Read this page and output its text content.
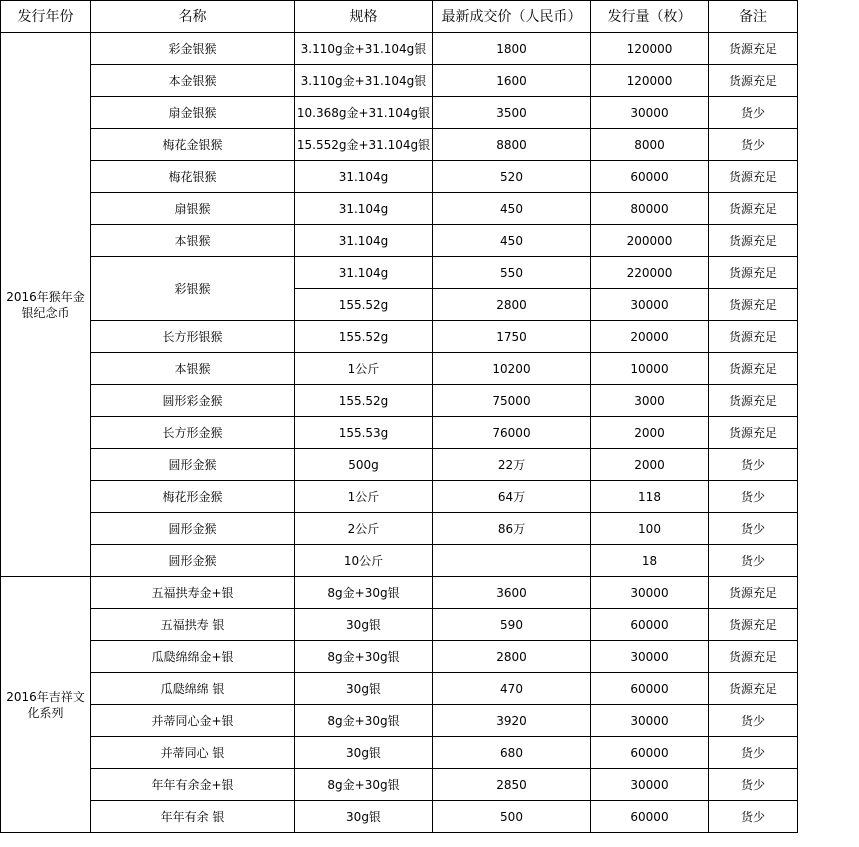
发行年份	名称	规格	最新成交价（人民币）	发行量（枚）	备注
2016年猴年金银纪念币	彩金银猴	3.110g金+31.104g银	1800	120000	货源充足
	本金银猴	3.110g金+31.104g银	1600	120000	货源充足
	扇金银猴	10.368g金+31.104g银	3500	30000	货少
	梅花金银猴	15.552g金+31.104g银	8800	8000	货少
	梅花银猴	31.104g	520	60000	货源充足
	扇银猴	31.104g	450	80000	货源充足
	本银猴	31.104g	450	200000	货源充足
	彩银猴	31.104g	550	220000	货源充足
		155.52g	2800	30000	货源充足
	长方形银猴	155.52g	1750	20000	货源充足
	本银猴	1公斤	10200	10000	货源充足
	圆形彩金猴	155.52g	75000	3000	货源充足
	长方形金猴	155.53g	76000	2000	货源充足
	圆形金猴	500g	22万	2000	货少
	梅花形金猴	1公斤	64万	118	货少
	圆形金猴	2公斤	86万	100	货少
	圆形金猴	10公斤		18	货少
2016年吉祥文化系列	五福拱寿金+银	8g金+30g银	3600	30000	货源充足
	五福拱寿 银	30g银	590	60000	货源充足
	瓜瓞绵绵金+银	8g金+30g银	2800	30000	货源充足
	瓜瓞绵绵 银	30g银	470	60000	货源充足
	并蒂同心金+银	8g金+30g银	3920	30000	货少
	并蒂同心 银	30g银	680	60000	货少
	年年有余金+银	8g金+30g银	2850	30000	货少
	年年有余 银	30g银	500	60000	货少
